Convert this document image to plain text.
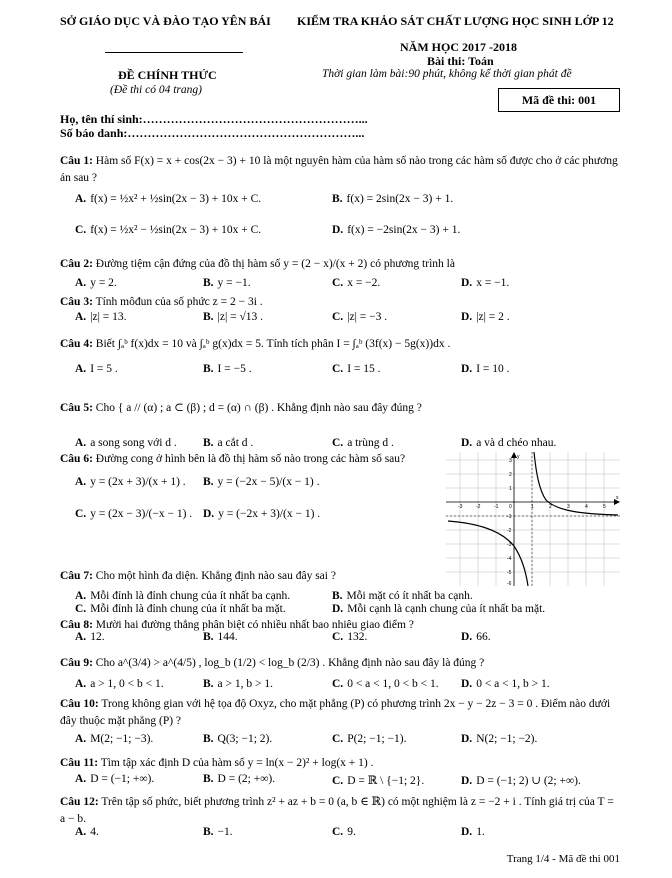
SỞ GIÁO DỤC VÀ ĐÀO TẠO YÊN BÁI KIỂM TRA KHẢO SÁT CHẤT LƯỢNG HỌC SINH LỚP 12
NĂM HỌC 2017 -2018
Bài thi: Toán
ĐỀ CHÍNH THỨC	Thời gian làm bài:90 phút, không kể thời gian phát đề
(Đề thi có 04 trang)
Mã đề thi: 001
Họ, tên thí sinh:………………………………………………...
Số báo danh:…………………………………………………...
Câu 1: Hàm số F(x) = x + cos(2x − 3) + 10 là một nguyên hàm của hàm số nào trong các hàm số được cho ở các phương án sau ?
A. f(x) = ½x² + ½sin(2x − 3) + 10x + C.	B. f(x) = 2sin(2x − 3) + 1.
C. f(x) = ½x² − ½sin(2x − 3) + 10x + C.	D. f(x) = −2sin(2x − 3) + 1.
Câu 2: Đường tiệm cận đứng của đồ thị hàm số y = (2 − x)/(x + 2) có phương trình là
A. y = 2.	B. y = −1.	C. x = −2.	D. x = −1.
Câu 3: Tính môđun của số phức z = 2 − 3i .
A. |z| = 13.	B. |z| = √13 .	C. |z| = −3 .	D. |z| = 2 .
Câu 4: Biết ∫ₐᵇ f(x)dx = 10 và ∫ₐᵇ g(x)dx = 5. Tính tích phân I = ∫ₐᵇ (3f(x) − 5g(x))dx .
A. I = 5 .	B. I = −5 .	C. I = 15 .	D. I = 10 .
Câu 5: Cho { a // (α) ; a ⊂ (β) ; d = (α) ∩ (β) . Khẳng định nào sau đây đúng ?
A. a song song với d . B. a cắt d .	C. a trùng d .	D. a và d chéo nhau.
Câu 6: Đường cong ở hình bên là đồ thị hàm số nào trong các hàm số sau?
A. y = (2x + 3)/(x + 1) . B. y = (−2x − 5)/(x − 1) .
C. y = (2x − 3)/(−x − 1) . D. y = (−2x + 3)/(x − 1) .
-3	-2	-1	1	2	3	4	5
x
0
3
2
1
-1
-2
-3
-4
-5
-6
y
Câu 7: Cho một hình đa diện. Khẳng định nào sau đây sai ?
A. Mỗi đỉnh là đỉnh chung của ít nhất ba cạnh.	B. Mỗi mặt có ít nhất ba cạnh.
C. Mỗi đỉnh là đỉnh chung của ít nhất ba mặt.	D. Mỗi cạnh là cạnh chung của ít nhất ba mặt.
Câu 8: Mười hai đường thẳng phân biệt có nhiều nhất bao nhiêu giao điểm ?
A. 12.	B. 144.	C. 132.	D. 66.
Câu 9: Cho a^(3/4) > a^(4/5) , log_b (1/2) < log_b (2/3) . Khẳng định nào sau đây là đúng ?
A. a > 1, 0 < b < 1.	B. a > 1, b > 1.	C. 0 < a < 1, 0 < b < 1. D. 0 < a < 1, b > 1.
Câu 10: Trong không gian với hệ tọa độ Oxyz, cho mặt phẳng (P) có phương trình 2x − y − 2z − 3 = 0 . Điểm nào dưới đây thuộc mặt phẳng (P) ?
A. M(2; −1; −3).	B. Q(3; −1; 2).	C. P(2; −1; −1).	D. N(2; −1; −2).
Câu 11: Tìm tập xác định D của hàm số y = ln(x − 2)² + log(x + 1) .
A. D = (−1; +∞).	B. D = (2; +∞).	C. D = ℝ \ {−1; 2}.	D. D = (−1; 2) ∪ (2; +∞).
Câu 12: Trên tập số phức, biết phương trình z² + az + b = 0 (a, b ∈ ℝ) có một nghiệm là z = −2 + i . Tính giá trị của T = a − b.
A. 4.	B. −1.	C. 9.	D. 1.
Trang 1/4 - Mã đề thi 001
